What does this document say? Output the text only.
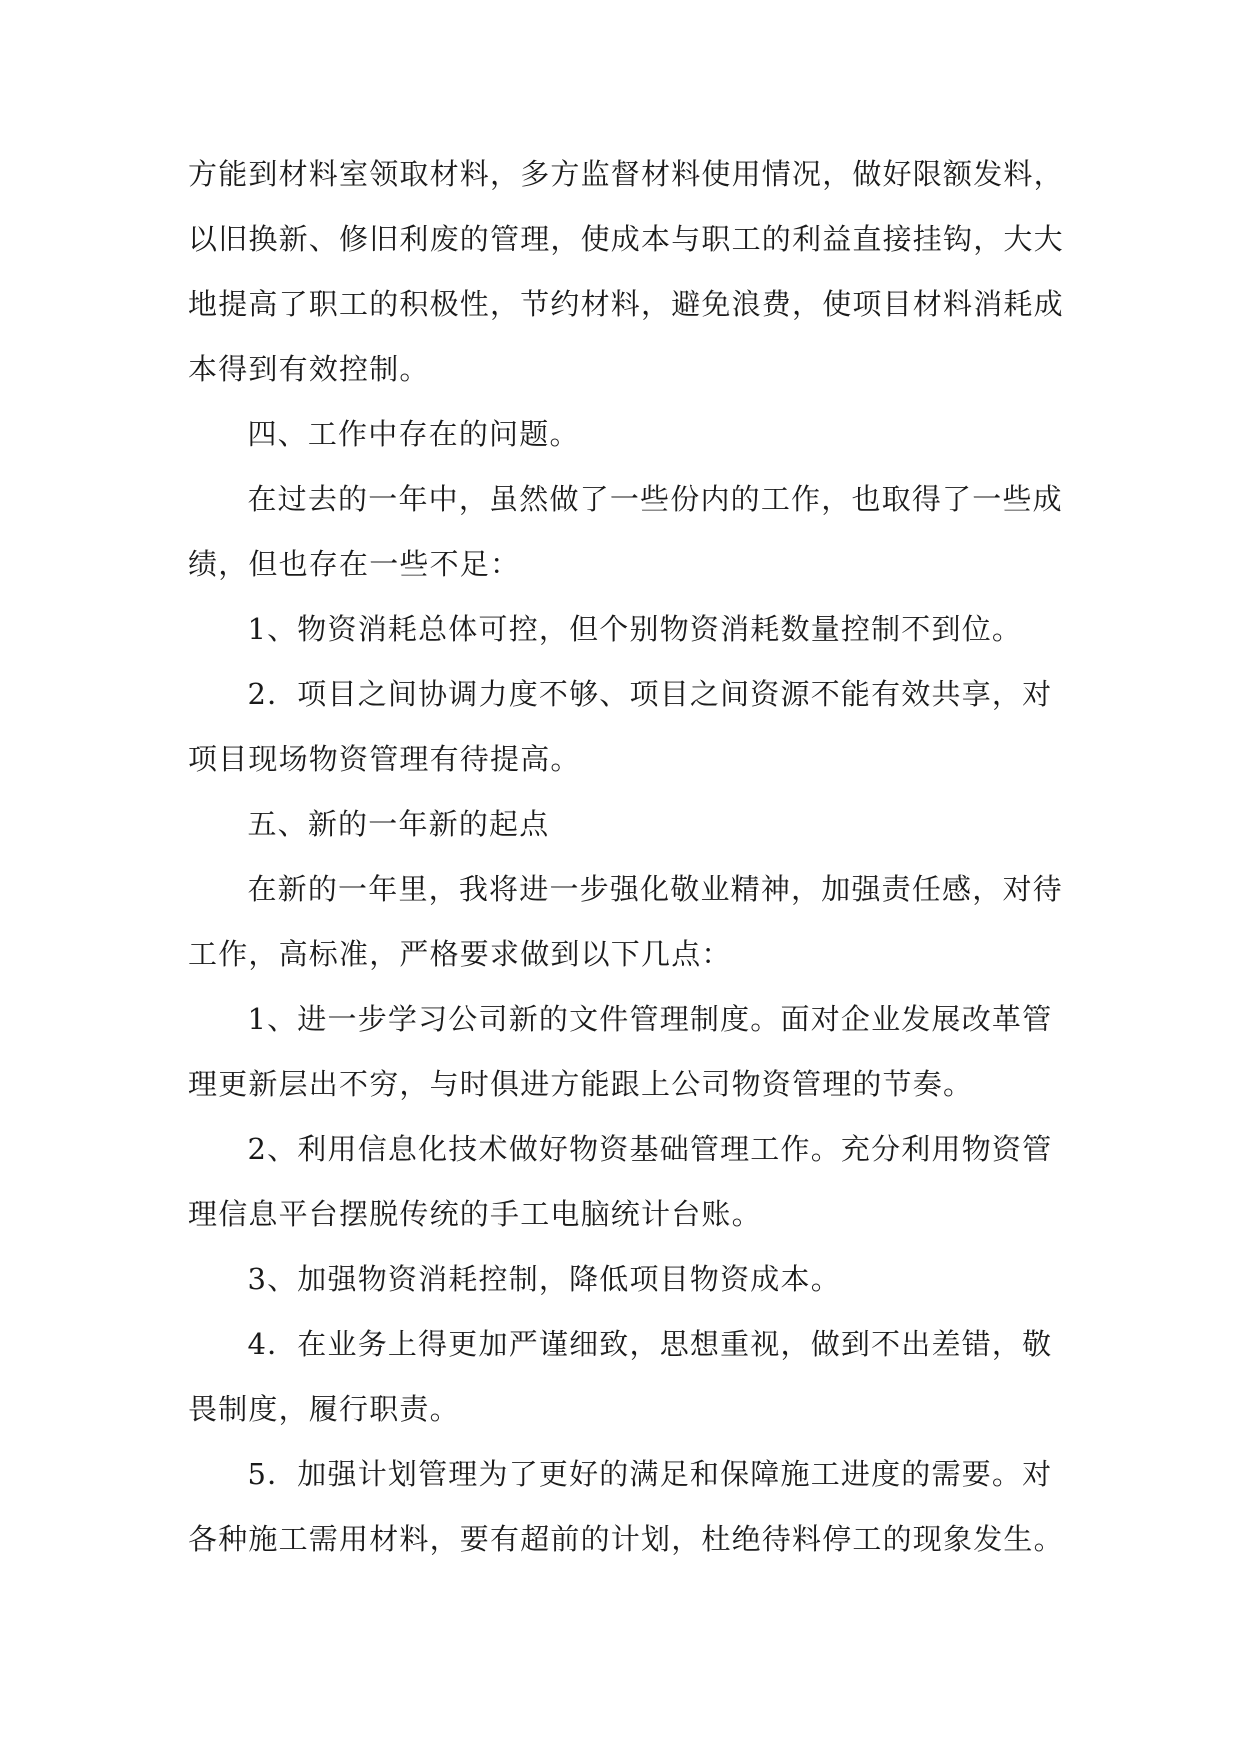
方能到材料室领取材料，多方监督材料使用情况，做好限额发料，以旧换新、修旧利废的管理，使成本与职工的利益直接挂钩，大大地提高了职工的积极性，节约材料，避免浪费，使项目材料消耗成本得到有效控制。

四、工作中存在的问题。

在过去的一年中，虽然做了一些份内的工作，也取得了一些成绩，但也存在一些不足：

1、物资消耗总体可控，但个别物资消耗数量控制不到位。

2．项目之间协调力度不够、项目之间资源不能有效共享，对项目现场物资管理有待提高。

五、新的一年新的起点

在新的一年里，我将进一步强化敬业精神，加强责任感，对待工作，高标准，严格要求做到以下几点：

1、进一步学习公司新的文件管理制度。面对企业发展改革管理更新层出不穷，与时俱进方能跟上公司物资管理的节奏。

2、利用信息化技术做好物资基础管理工作。充分利用物资管理信息平台摆脱传统的手工电脑统计台账。

3、加强物资消耗控制，降低项目物资成本。

4．在业务上得更加严谨细致，思想重视，做到不出差错，敬畏制度，履行职责。

5．加强计划管理为了更好的满足和保障施工进度的需要。对各种施工需用材料，要有超前的计划，杜绝待料停工的现象发生。
